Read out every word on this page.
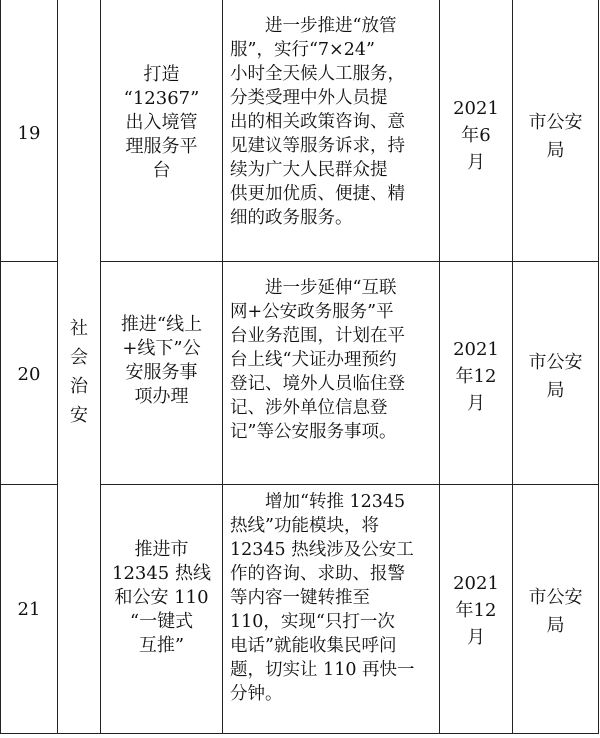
社
会
治
安
19
打造
“12367”
出入境管
理服务平
台
　　进一步推进“放管
服”，实行“7×24”
小时全天候人工服务，
分类受理中外人员提
出的相关政策咨询、意
见建议等服务诉求，持
续为广大人民群众提
供更加优质、便捷、精
细的政务服务。
2021
年6
月
市公安
局
20
推进“线上
+线下”公
安服务事
项办理
　　进一步延伸“互联
网+公安政务服务”平
台业务范围，计划在平
台上线“犬证办理预约
登记、境外人员临住登
记、涉外单位信息登
记”等公安服务事项。
2021
年12
月
市公安
局
21
推进市
12345 热线
和公安 110
“一键式
互推”
　　增加“转推 12345
热线”功能模块，将
12345 热线涉及公安工
作的咨询、求助、报警
等内容一键转推至
110，实现“只打一次
电话”就能收集民呼问
题，切实让 110 再快一
分钟。
2021
年12
月
市公安
局
